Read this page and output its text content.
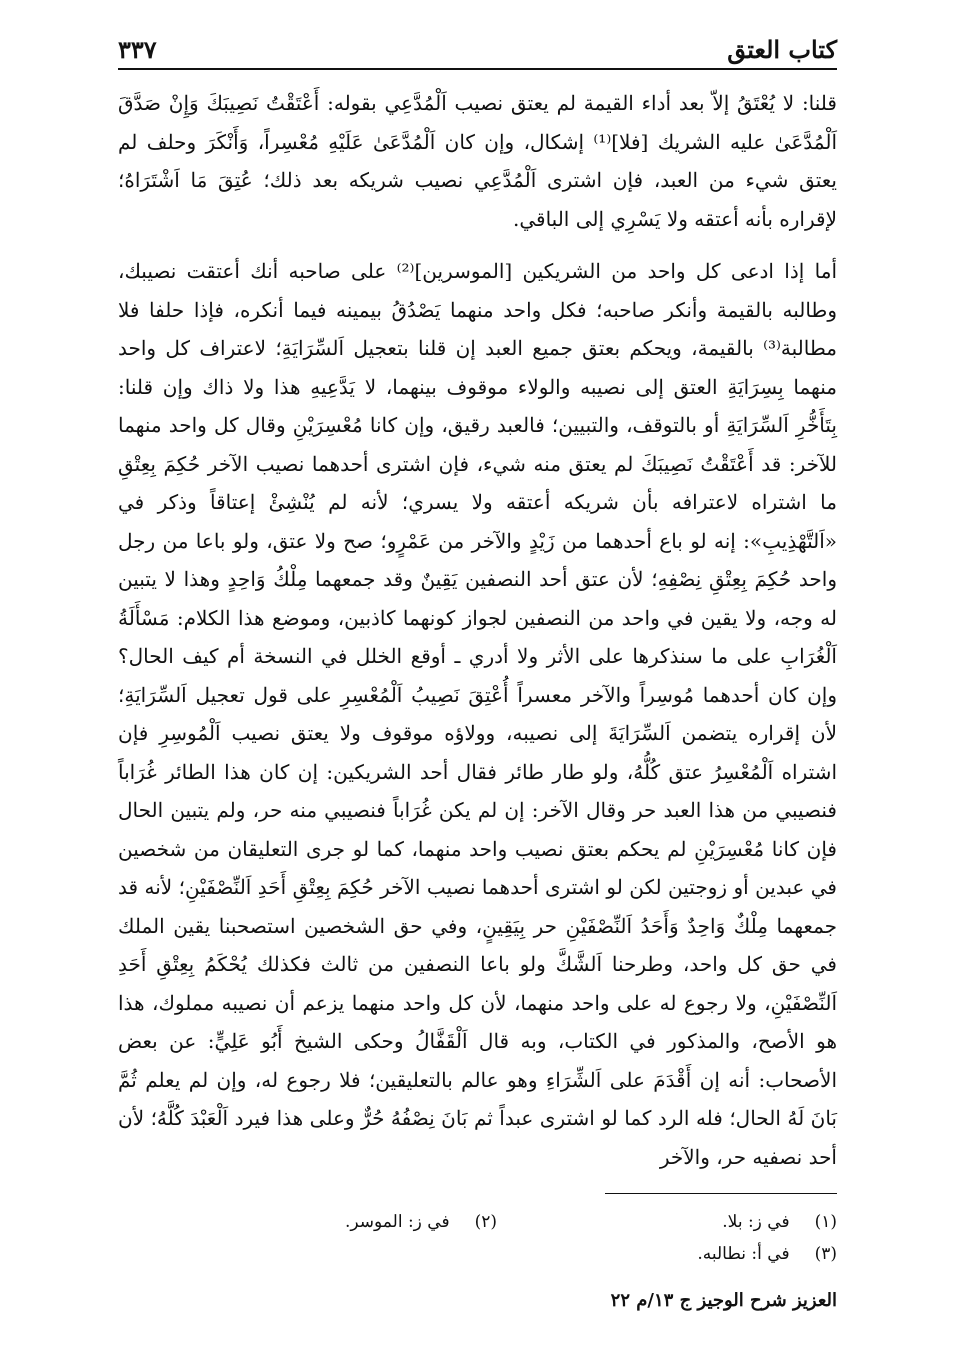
كتاب العتق
٣٣٧

قلنا: لا يُعْتَقُ إلاّ بعد أداء القيمة لم يعتق نصيب اَلْمُدَّعِي بقوله: أَعْتَقْتُ نَصِيبَكَ وَإِنْ صَدَّقَ اَلْمُدَّعَىٰ عليه الشريك [فلا]⁽¹⁾ إشكال، وإن كان اَلْمُدَّعَىٰ عَلَيْهِ مُعْسِراً، وَأَنْكَرَ وحلف لم يعتق شيء من العبد، فإن اشترى اَلْمُدَّعِي نصيب شريكه بعد ذلك؛ عُتِقَ مَا اَشْتَرَاهُ؛ لإقراره بأنه أعتقه ولا يَسْرِي إلى الباقي.

أما إذا ادعى كل واحد من الشريكين [الموسرين]⁽²⁾ على صاحبه أنك أعتقت نصيبك، وطالبه بالقيمة وأنكر صاحبه؛ فكل واحد منهما يَصْدُقُ بيمينه فيما أنكره، فإذا حلفا فلا مطالبة⁽³⁾ بالقيمة، ويحكم بعتق جميع العبد إن قلنا بتعجيل اَلسِّرَايَةِ؛ لاعتراف كل واحد منهما بِسِرَايَةِ العتق إلى نصيبه والولاء موقوف بينهما، لا يَدَّعِيهِ هذا ولا ذاك وإن قلنا: بِتَأَخُّرِ اَلسِّرَايَةِ أو بالتوقف، والتبيين؛ فالعبد رقيق، وإن كانا مُعْسِرَيْنِ وقال كل واحد منهما للآخر: قد أَعْتَقْتُ نَصِيبَكَ لم يعتق منه شيء، فإن اشترى أحدهما نصيب الآخر حُكِمَ بِعِتْقِ ما اشتراه لاعترافه بأن شريكه أعتقه ولا يسري؛ لأنه لم يُنْشِئْ إعتاقاً وذكر في «اَلتَّهْذِيبِ»: إنه لو باع أحدهما من زَيْدٍ والآخر من عَمْرٍو؛ صح ولا عتق، ولو باعا من رجل واحد حُكِمَ بِعِتْقِ نِصْفِهِ؛ لأن عتق أحد النصفين يَقِينٌ وقد جمعهما مِلْكُ وَاحِدٍ وهذا لا يتبين له وجه، ولا يقين في واحد من النصفين لجواز كونهما كاذبين، وموضع هذا الكلام: مَسْأَلَةُ اَلْغُرَابِ على ما سنذكرها على الأثر ولا أدري ـ أوقع الخلل في النسخة أم كيف الحال؟ وإن كان أحدهما مُوسِراً والآخر معسراً أُعْتِقَ نَصِيبُ اَلْمُعْسِرِ على قول تعجيل اَلسِّرَايَةِ؛ لأن إقراره يتضمن اَلسِّرَايَةَ إلى نصيبه، وولاؤه موقوف ولا يعتق نصيب اَلْمُوسِرِ فإن اشتراه اَلْمُعْسِرُ عتق كُلُّهُ، ولو طار طائر فقال أحد الشريكين: إن كان هذا الطائر غُرَاباً فنصيبي من هذا العبد حر وقال الآخر: إن لم يكن غُرَاباً فنصيبي منه حر، ولم يتبين الحال فإن كانا مُعْسِرَيْنِ لم يحكم بعتق نصيب واحد منهما، كما لو جرى التعليقان من شخصين في عبدين أو زوجتين لكن لو اشترى أحدهما نصيب الآخر حُكِمَ بِعِتْقِ أَحَدِ اَلنِّصْفَيْنِ؛ لأنه قد جمعهما مِلْكٌ وَاحِدٌ وَأَحَدُ اَلنِّصْفَيْنِ حر بِيَقِينٍ، وفي حق الشخصين استصحبنا يقين الملك في حق كل واحد، وطرحنا اَلشَّكَّ ولو باعا النصفين من ثالث فكذلك يُحْكَمُ بِعِتْقِ أَحَدِ اَلنِّصْفَيْنِ، ولا رجوع له على واحد منهما، لأن كل واحد منهما يزعم أن نصيبه مملوك، هذا هو الأصح، والمذكور في الكتاب، وبه قال اَلْقَفَّالُ وحكى الشيخ أَبُو عَلِيٍّ: عن بعض الأصحاب: أنه إن أَقْدَمَ على اَلشِّرَاءِ وهو عالم بالتعليقين؛ فلا رجوع له، وإن لم يعلم ثُمَّ بَانَ لَهُ الحال؛ فله الرد كما لو اشترى عبداً ثم بَانَ نِصْفُهُ حُرٌّ وعلى هذا فيرد اَلْعَبْدَ كُلَّهُ؛ لأن أحد نصفيه حر، والآخر

(١) في ز: بلا.
(٢) في ز: الموسر.
(٣) في أ: نطالبه.
العزيز شرح الوجيز ج ١٣/م ٢٢
